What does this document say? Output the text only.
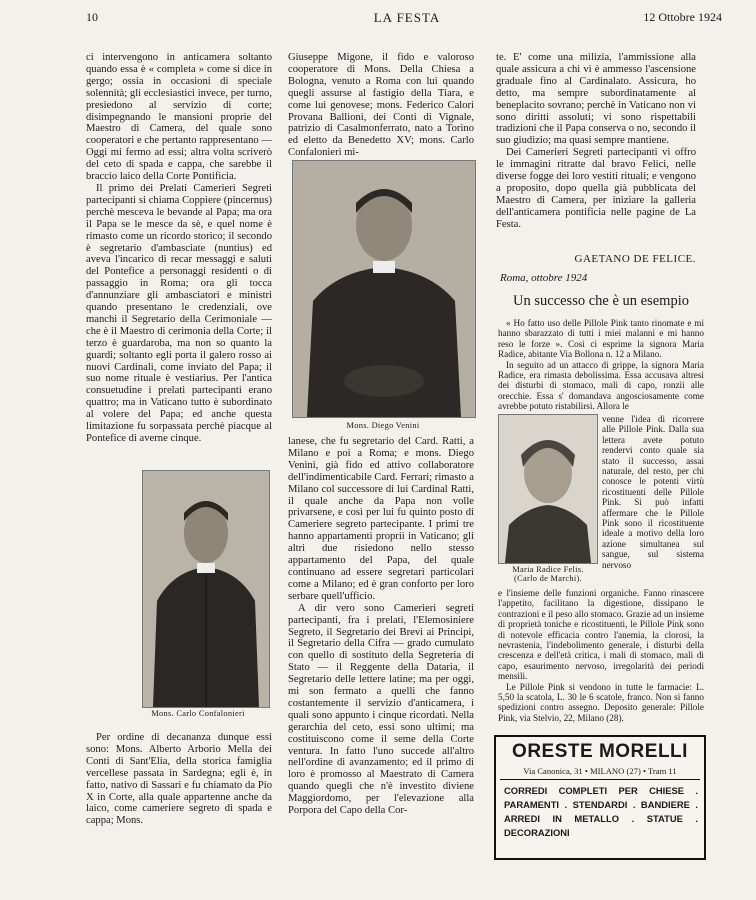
10	LA FESTA	12 Ottobre 1924

ci intervengono in anticamera soltanto quando essa è « completa » come si dice in gergo; ossia in occasioni di speciale solennità; gli ecclesiastici invece, per turno, presiedono al servizio di corte; disimpegnando le mansioni proprie del Maestro di Camera, del quale sono cooperatori e che pertanto rappresentano — Oggi mi fermo ad essi; altra volta scriverò del ceto di spada e cappa, che sarebbe il braccio laico della Corte Pontificia.

Il primo dei Prelati Camerieri Segreti partecipanti si chiama Coppiere (pincernus) perchè mesceva le bevande al Papa; ma ora il Papa se le mesce da sè, e quel nome è rimasto come un ricordo storico; il secondo è segretario d'ambasciate (nuntius) ed aveva l'incarico di recar messaggi e saluti del Pontefice a personaggi residenti o di passaggio in Roma; ora gli tocca d'annunziare gli ambasciatori e ministri quando presentano le credenziali, ove manchi il Segretario della Cerimoniale — che è il Maestro di cerimonia della Corte; il terzo è guardaroba, ma non so quanto la guardi; soltanto egli porta il galero rosso ai nuovi Cardinali, come inviato del Papa; il suo nome rituale è vestiarius. Per l'antica consuetudine i prelati partecipanti erano quattro; ma in Vaticano tutto è subordinato al volere del Papa; ed anche questa limitazione fu sorpassata perchè piacque al Pontefice di averne cinque.

Mons. Carlo Confalonieri

Per ordine di decananza dunque essi sono: Mons. Alberto Arborio Mella dei Conti di Sant'Elia, della storica famiglia vercellese passata in Sardegna; egli è, in fatto, nativo di Sassari e fu chiamato da Pio X in Corte, alla quale appartenne anche da laico, come cameriere segreto di spada e cappa; Mons.

Giuseppe Migone, il fido e valoroso cooperatore di Mons. Della Chiesa a Bologna, venuto a Roma con lui quando quegli assurse al fastigio della Tiara, e come lui genovese; mons. Federico Calori Provana Ballioni, dei Conti di Vignale, patrizio di Casalmonferrato, nato a Torino ed eletto da Benedetto XV; mons. Carlo Confalonieri mi-

Mons. Diego Venini

lanese, che fu segretario del Card. Ratti, a Milano e poi a Roma; e mons. Diego Venini, già fido ed attivo collaboratore dell'indimenticabile Card. Ferrari; rimasto a Milano col successore di lui Cardinal Ratti, il quale anche da Papa non volle privarsene, e così per lui fu quinto posto di Cameriere segreto partecipante. I primi tre hanno appartamenti proprii in Vaticano; gli altri due risiedono nello stesso appartamento del Papa, del quale continuano ad essere segretari particolari come a Milano; ed è gran conforto per loro serbare quell'ufficio.

A dir vero sono Camerieri segreti partecipanti, fra i prelati, l'Elemosiniere Segreto, il Segretario dei Brevi ai Principi, il Segretario della Cifra — grado cumulato con quello di sostituto della Segreteria di Stato — il Reggente della Dataria, il Segretario delle lettere latine; ma per oggi, mi son fermato a quelli che fanno costantemente il servizio d'anticamera, i quali sono appunto i cinque ricordati. Nella gerarchia del ceto, essi sono ultimi; ma costituiscono come il seme della Corte ventura. In fatto l'uno succede all'altro nell'ordine di avanzamento; ed il primo di loro è promosso al Maestrato di Camera quando quegli che n'è investito diviene Maggiordomo, per l'elevazione alla Porpora del Capo della Cor-

te. E' come una milizia, l'ammissione alla quale assicura a chi vi è ammesso l'ascensione graduale fino al Cardinalato. Assicura, ho detto, ma sempre subordinatamente al beneplacito sovrano; perchè in Vaticano non vi sono diritti assoluti; vi sono rispettabili tradizioni che il Papa conserva o no, secondo il suo giudizio; ma quasi sempre mantiene.

Dei Camerieri Segreti partecipanti vi offro le immagini ritratte dal bravo Felici, nelle diverse fogge dei loro vestiti rituali; e vengono a proposito, dopo quella già pubblicata del Maestro di Camera, per iniziare la galleria dell'anticamera pontificia nelle pagine de La Festa.

GAETANO DE FELICE.
Roma, ottobre 1924
Un successo che è un esempio

« Ho fatto uso delle Pillole Pink tanto rinomate e mi hanno sbarazzato di tutti i miei malanni e mi hanno reso le forze ». Così ci esprime la signora Maria Radice, abitante Via Bollona n. 12 a Milano.

In seguito ad un attacco di grippe, la signora Maria Radice, era rimasta debolissima. Essa accusava altresì dei disturbi di stomaco, mali di capo, ronzii alle orecchie. Essa s' domandava angosciosamente come avrebbe potuto ristabilirsi. Allora le

Maria Radice Felis.
(Carlo de Marchi).

venne l'idea di ricorrere alle Pillole Pink. Dalla sua lettera avete potuto rendervi conto quale sia stato il successo, assai naturale, del resto, per chi conosce le potenti virtù ricostituenti delle Pillole Pink. Si può infatti affermare che le Pillole Pink sono il ricostituente ideale a motivo della loro azione simultanea sul sangue, sul sistema nervoso

e l'insieme delle funzioni organiche. Fanno rinascere l'appetito, facilitano la digestione, dissipano le contrazioni e il peso allo stomaco. Grazie ad un insieme di proprietà toniche e ricostituenti, le Pillole Pink sono di notevole efficacia contro l'anemia, la clorosi, la nevrastenia, l'indebolimento generale, i disturbi della crescenza e dell'età critica, i mali di stomaco, mali di capo, esaurimento nervoso, irregolarità dei periodi mensili.

Le Pillole Pink si vendono in tutte le farmacie: L. 5,50 la scatola, L. 30 le 6 scatole, franco. Non si fanno spedizioni contro assegno. Deposito generale: Pillole Pink, via Stelvio, 22, Milano (28).

ORESTE MORELLI
Via Canonica, 31 • MILANO (27) • Tram 11
CORREDI COMPLETI PER CHIESE . PARAMENTI . STENDARDI . BANDIERE . ARREDI IN METALLO . STATUE . DECORAZIONI
